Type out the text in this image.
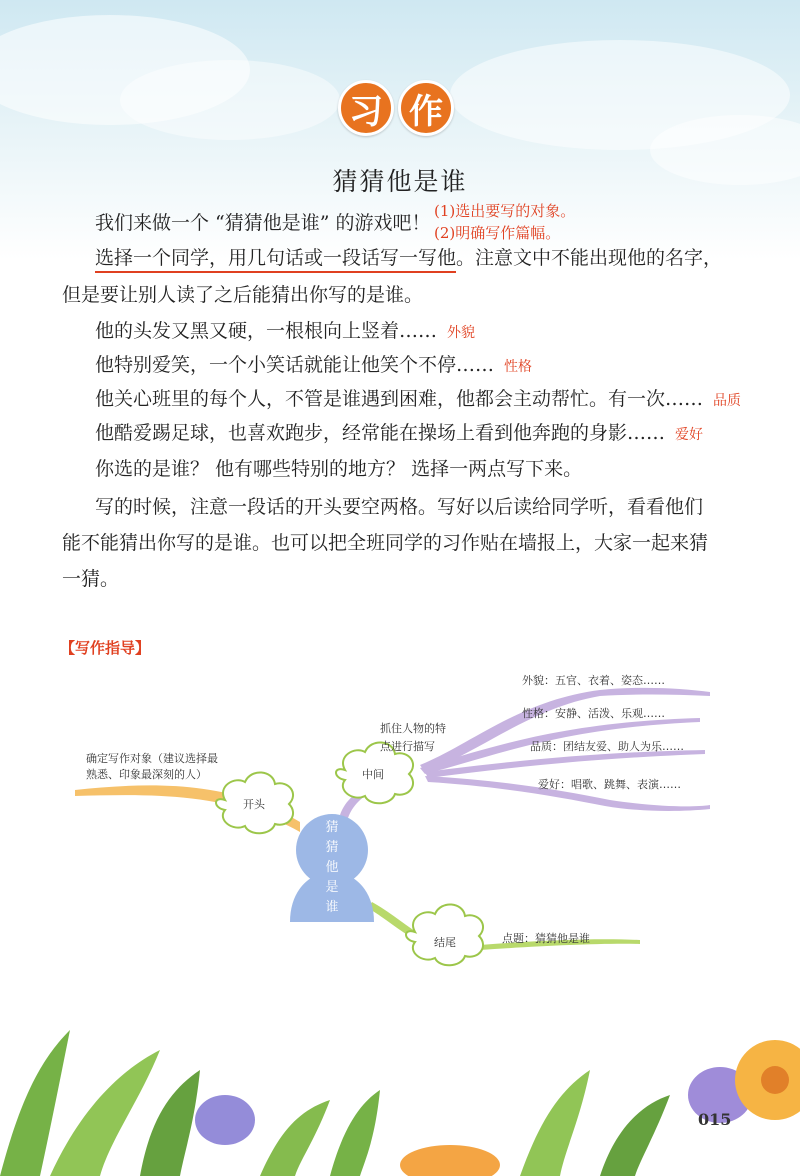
习 作
猜猜他是谁
我们来做一个 “猜猜他是谁” 的游戏吧！
(1)选出要写的对象。
(2)明确写作篇幅。
选择一个同学，用几句话或一段话写一写他。注意文中不能出现他的名字，
但是要让别人读了之后能猜出你写的是谁。
他的头发又黑又硬，一根根向上竖着…… 外貌
他特别爱笑，一个小笑话就能让他笑个不停…… 性格
他关心班里的每个人，不管是谁遇到困难，他都会主动帮忙。有一次…… 品质
他酷爱踢足球，也喜欢跑步，经常能在操场上看到他奔跑的身影…… 爱好
你选的是谁？ 他有哪些特别的地方？ 选择一两点写下来。
写的时候，注意一段话的开头要空两格。写好以后读给同学听，看看他们
能不能猜出你写的是谁。也可以把全班同学的习作贴在墙报上，大家一起来猜
一猜。
【写作指导】
猜
猜
他
是
谁
开头
确定写作对象（建议选择最
熟悉、印象最深刻的人）	中间
抓住人物的特
点进行描写
外貌：五官、衣着、姿态……
性格：安静、活泼、乐观……
品质：团结友爱、助人为乐……
爱好：唱歌、跳舞、表演……
结尾	点题：猜猜他是谁
015
